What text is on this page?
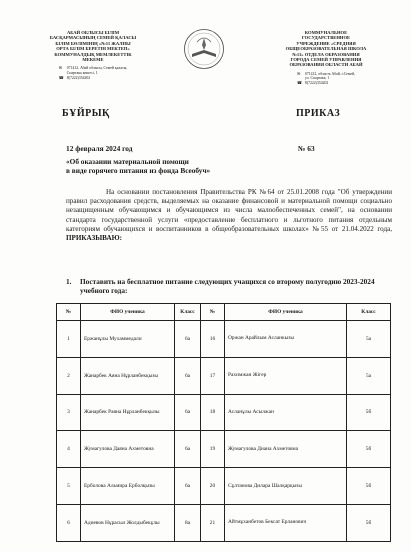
АБАЙ ОБЛЫСЫ БІЛІМ
БАСҚАРМАСЫНЫҢ СЕМЕЙ ҚАЛАСЫ
БІЛІМ БӨЛІМІНІҢ «№11 ЖАЛПЫ
ОРТА БІЛІМ БЕРЕТІН МЕКТЕП»
КОММУНАЛДЫҚ МЕМЛЕКЕТТІК
МЕКЕМЕ
✉
☎
071412, Абай облысы, Семей қаласы,
Спартака көшесі, 1
8(7222)354202
КОММУНАЛЬНОЕ
ГОСУДАРСТВЕННОЕ
УЧРЕЖДЕНИЕ «СРЕДНЯЯ
ОБЩЕОБРАЗОВАТЕЛЬНАЯ ШКОЛА
№11» ОТДЕЛА ОБРАЗОВАНИЯ
ГОРОДА СЕМЕЙ УПРАВЛЕНИЯ
ОБРАЗОВАНИЯ ОБЛАСТИ АБАЙ
✉
☎
071412, область Абай, г.Семей,
ул. Спартака, 1
8(7222)354202
БҰЙРЫҚ	ПРИКАЗ
12 февраля 2024 год	№ 63
«Об оказании материальной помощи
в виде горячего питания из фонда Всеобуч»
На основании постановления Правительства РК №64 от 25.01.2008 года "Об утверждении правил расходования средств, выделяемых на оказание финансовой и материальной помощи социально незащищенным обучающимся и обучающимся из числа малообеспеченных семей", на основании стандарта государственной услуги «предоставление бесплатного и льготного питания отдельным категориям обучающихся и воспитанников в общеобразовательных школах» №55 от 21.04.2022 года, ПРИКАЗЫВАЮ:
1. Поставить на бесплатное питание следующих учащихся со второму полугодию 2023-2024 учебного года:
№	ФИО ученика	Класс	№	ФИО ученика	Класс
1	Ержанұлы Мухаммедали	6а	16	Оржан Арайлым Асланкызы	5а
2	Жанарбек Аяна Нұрланбекқызы	6а	17	Рахимжан Жігер	5а
3	Жанарбек Раяна Нұрланбекқызы	6а	18	Асланұлы Асылжан	5б
4	Жумагулова Даяна Ахметовна	6а	19	Жумагулова Диана Ахметовна	5б
5	Ерболова Альмира Ерболқызы	6а	20	Сұлтанова Дилара Шалқарқызы	5б
6	Адиевов Нұрасыл Жолдыбекұлы	8а	21	Айтмұханбетов Бексат Ерланович	5б
